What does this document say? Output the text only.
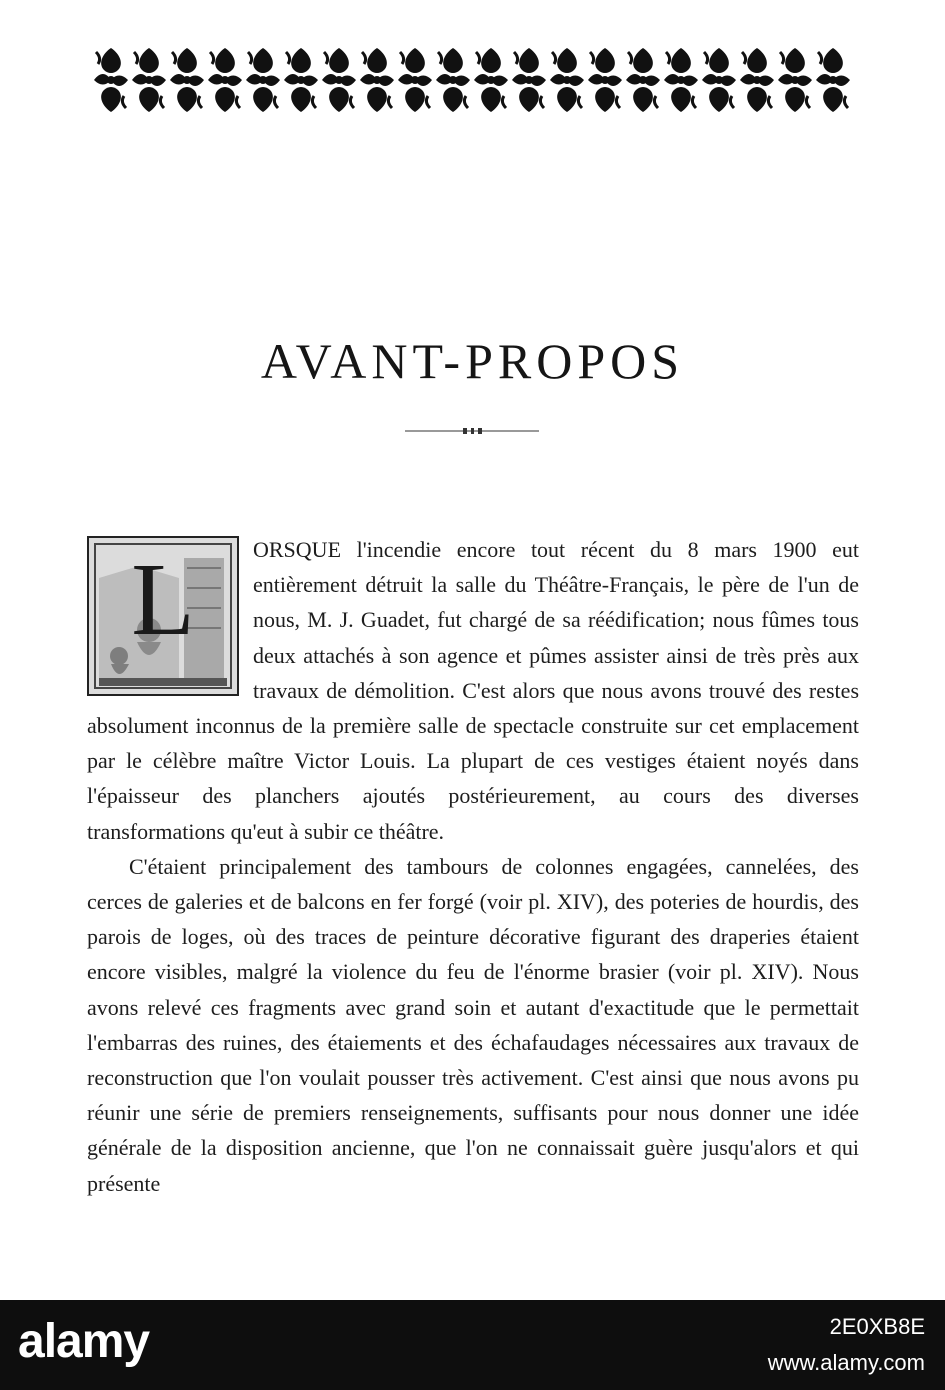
AVANT-PROPOS
L	ORSQUE l'incendie encore tout récent du 8 mars 1900 eut entièrement détruit la salle du Théâtre-Français, le père de l'un de nous, M. J. Guadet, fut chargé de sa réédification; nous fûmes tous deux attachés à son agence et pûmes assister ainsi de très près aux travaux de démolition. C'est alors que nous avons trouvé des restes absolument inconnus de la première salle de spectacle construite sur cet emplacement par le célèbre maître Victor Louis. La plupart de ces vestiges étaient noyés dans l'épaisseur des planchers ajoutés postérieurement, au cours des diverses transformations qu'eut à subir ce théâtre.

C'étaient principalement des tambours de colonnes engagées, cannelées, des cerces de galeries et de balcons en fer forgé (voir pl. XIV), des poteries de hourdis, des parois de loges, où des traces de peinture décorative figurant des draperies étaient encore visibles, malgré la violence du feu de l'énorme brasier (voir pl. XIV). Nous avons relevé ces fragments avec grand soin et autant d'exactitude que le permettait l'embarras des ruines, des étaiements et des échafaudages nécessaires aux travaux de reconstruction que l'on voulait pousser très activement. C'est ainsi que nous avons pu réunir une série de premiers renseignements, suffisants pour nous donner une idée générale de la disposition ancienne, que l'on ne connaissait guère jusqu'alors et qui présente

alamy	2E0XB8E
www.alamy.com
